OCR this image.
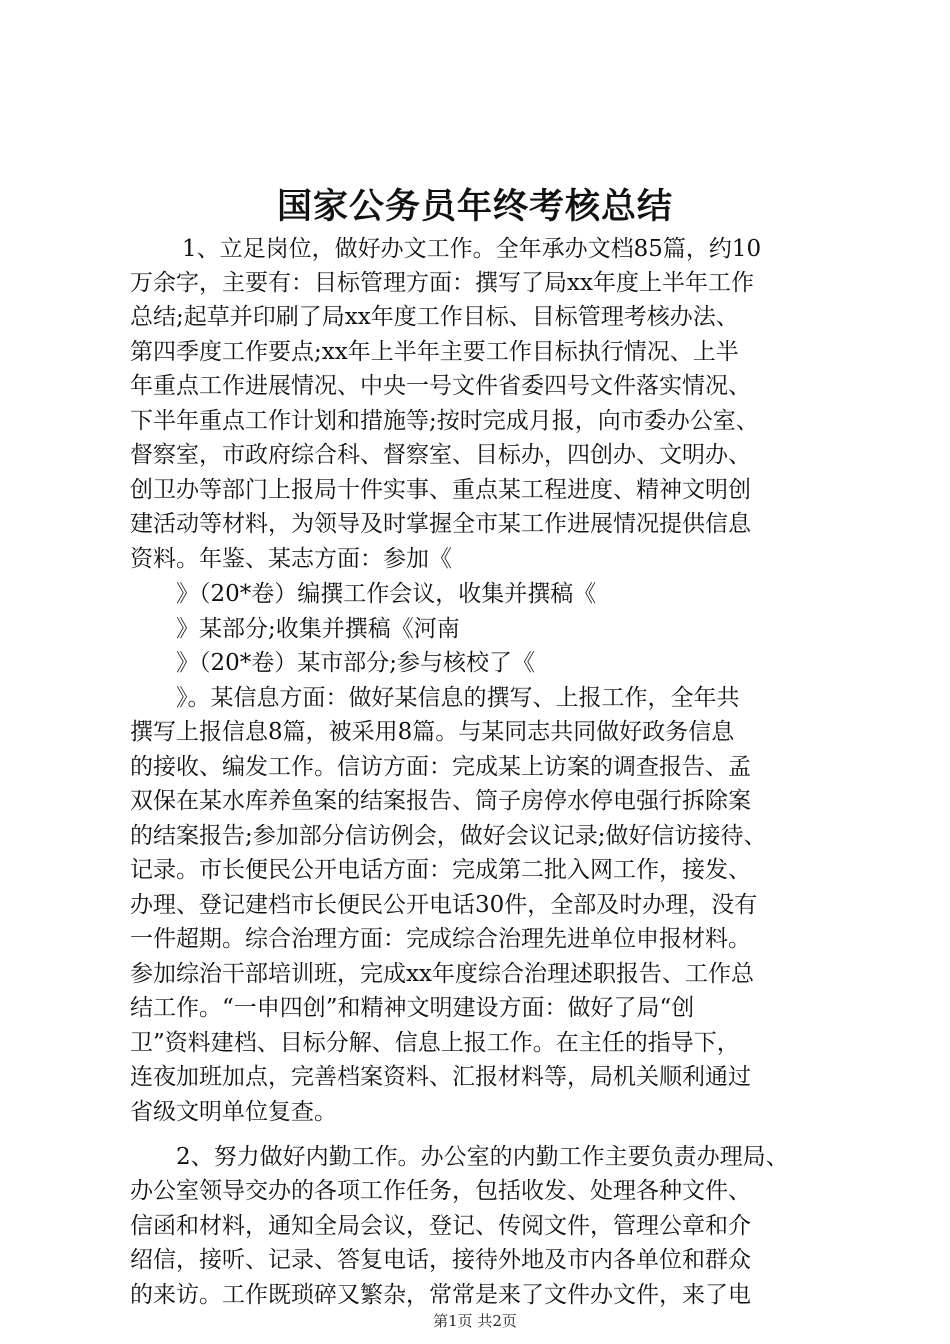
国家公务员年终考核总结
1、立足岗位，做好办文工作。全年承办文档85篇，约10
万余字，主要有：目标管理方面：撰写了局xx年度上半年工作
总结;起草并印刷了局xx年度工作目标、目标管理考核办法、
第四季度工作要点;xx年上半年主要工作目标执行情况、上半
年重点工作进展情况、中央一号文件省委四号文件落实情况、
下半年重点工作计划和措施等;按时完成月报，向市委办公室、
督察室，市政府综合科、督察室、目标办，四创办、文明办、
创卫办等部门上报局十件实事、重点某工程进度、精神文明创
建活动等材料，为领导及时掌握全市某工作进展情况提供信息
资料。年鉴、某志方面：参加《
》（20*卷）编撰工作会议，收集并撰稿《
》某部分;收集并撰稿《河南
》（20*卷）某市部分;参与核校了《
》。某信息方面：做好某信息的撰写、上报工作，全年共
撰写上报信息8篇，被采用8篇。与某同志共同做好政务信息
的接收、编发工作。信访方面：完成某上访案的调查报告、孟
双保在某水库养鱼案的结案报告、筒子房停水停电强行拆除案
的结案报告;参加部分信访例会，做好会议记录;做好信访接待、
记录。市长便民公开电话方面：完成第二批入网工作，接发、
办理、登记建档市长便民公开电话30件，全部及时办理，没有
一件超期。综合治理方面：完成综合治理先进单位申报材料。
参加综治干部培训班，完成xx年度综合治理述职报告、工作总
结工作。“一申四创”和精神文明建设方面：做好了局“创
卫”资料建档、目标分解、信息上报工作。在主任的指导下，
连夜加班加点，完善档案资料、汇报材料等，局机关顺利通过
省级文明单位复查。
2、努力做好内勤工作。办公室的内勤工作主要负责办理局、
办公室领导交办的各项工作任务，包括收发、处理各种文件、
信函和材料，通知全局会议，登记、传阅文件，管理公章和介
绍信，接听、记录、答复电话，接待外地及市内各单位和群众
的来访。工作既琐碎又繁杂，常常是来了文件办文件，来了电
第1页 共2页
